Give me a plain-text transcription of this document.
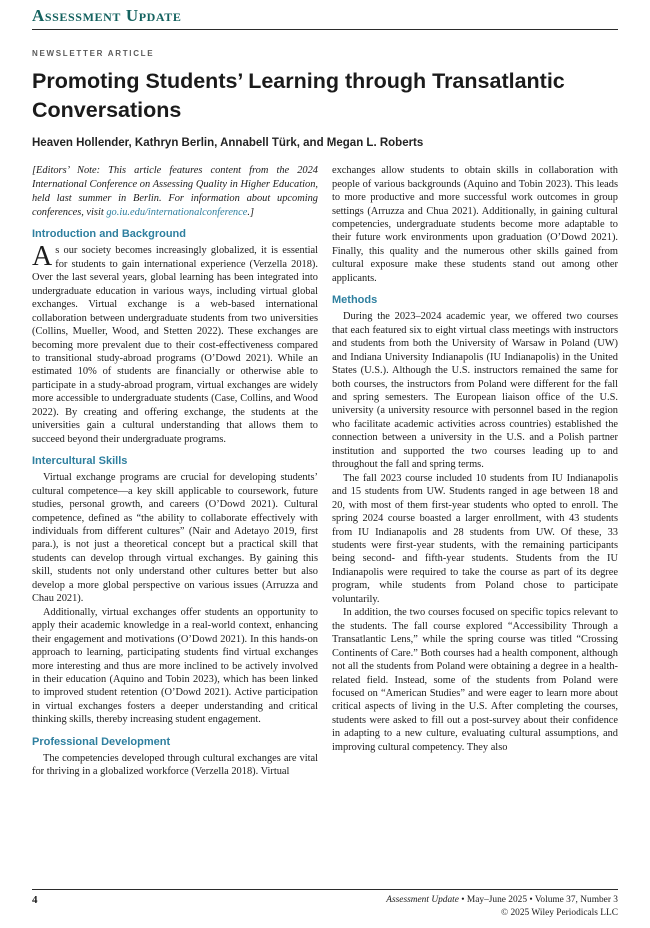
Assessment Update
NEWSLETTER ARTICLE
Promoting Students’ Learning through Transatlantic Conversations
Heaven Hollender, Kathryn Berlin, Annabell Türk, and Megan L. Roberts

[Editors’ Note: This article features content from the 2024 International Conference on Assessing Quality in Higher Education, held last summer in Berlin. For information about upcoming conferences, visit go.iu.edu/internationalconference.]

Introduction and Background

As our society becomes increasingly globalized, it is essential for students to gain international experience (Verzella 2018). Over the last several years, global learning has been integrated into undergraduate education in various ways, including virtual global exchanges. Virtual exchange is a web-based international collaboration between undergraduate students from two universities (Collins, Mueller, Wood, and Stetten 2022). These exchanges are becoming more prevalent due to their cost-effectiveness compared to transitional study-abroad programs (O’Dowd 2021). While an estimated 10% of students are financially or otherwise able to participate in a study-abroad program, virtual exchanges are widely more accessible to undergraduate students (Case, Collins, and Wood 2022). By creating and offering exchange, the students at the universities gain a cultural understanding that allows them to succeed beyond their undergraduate programs.

Intercultural Skills

Virtual exchange programs are crucial for developing students’ cultural competence—a key skill applicable to coursework, future studies, personal growth, and careers (O’Dowd 2021). Cultural competence, defined as “the ability to collaborate effectively with individuals from different cultures” (Nair and Adetayo 2019, first para.), is not just a theoretical concept but a practical skill that students can develop through virtual exchanges. By gaining this skill, students not only understand other cultures better but also develop a more global perspective on various issues (Arruzza and Chau 2021).

Additionally, virtual exchanges offer students an opportunity to apply their academic knowledge in a real-world context, enhancing their engagement and motivations (O’Dowd 2021). In this hands-on approach to learning, participating students find virtual exchanges more interesting and thus are more inclined to be actively involved in their education (Aquino and Tobin 2023), which has been linked to improved student retention (O’Dowd 2021). Active participation in virtual exchanges fosters a deeper understanding and critical thinking skills, thereby increasing student engagement.

Professional Development

The competencies developed through cultural exchanges are vital for thriving in a globalized workforce (Verzella 2018). Virtual

exchanges allow students to obtain skills in collaboration with people of various backgrounds (Aquino and Tobin 2023). This leads to more productive and more successful work outcomes in group settings (Arruzza and Chua 2021). Additionally, in gaining cultural competencies, undergraduate students become more adaptable to their future work environments upon graduation (O’Dowd 2021). Finally, this quality and the numerous other skills gained from cultural exposure make these students stand out among other applicants.

Methods

During the 2023–2024 academic year, we offered two courses that each featured six to eight virtual class meetings with instructors and students from both the University of Warsaw in Poland (UW) and Indiana University Indianapolis (IU Indianapolis) in the United States (U.S.). Although the U.S. instructors remained the same for both courses, the instructors from Poland were different for the fall and spring semesters. The European liaison office of the U.S. university (a university resource with personnel based in the region who facilitate academic activities across countries) established the connection between a university in the U.S. and a Polish partner institution and supported the two courses leading up to and throughout the fall and spring terms.

The fall 2023 course included 10 students from IU Indianapolis and 15 students from UW. Students ranged in age between 18 and 20, with most of them first-year students who opted to enroll. The spring 2024 course boasted a larger enrollment, with 43 students from IU Indianapolis and 28 students from UW. Of these, 33 students were first-year students, with the remaining participants being second- and fifth-year students. Students from the IU Indianapolis were required to take the course as part of its degree program, while students from Poland chose to participate voluntarily.

In addition, the two courses focused on specific topics relevant to the students. The fall course explored “Accessibility Through a Transatlantic Lens,” while the spring course was titled “Crossing Continents of Care.” Both courses had a health component, although not all the students from Poland were obtaining a degree in a health-related field. Instead, some of the students from Poland were focused on “American Studies” and were eager to learn more about critical aspects of living in the U.S. After completing the courses, students were asked to fill out a post-survey about their confidence in adapting to a new culture, evaluating cultural assumptions, and improving cultural competency. They also

4	Assessment Update • May–June 2025 • Volume 37, Number 3
© 2025 Wiley Periodicals LLC
